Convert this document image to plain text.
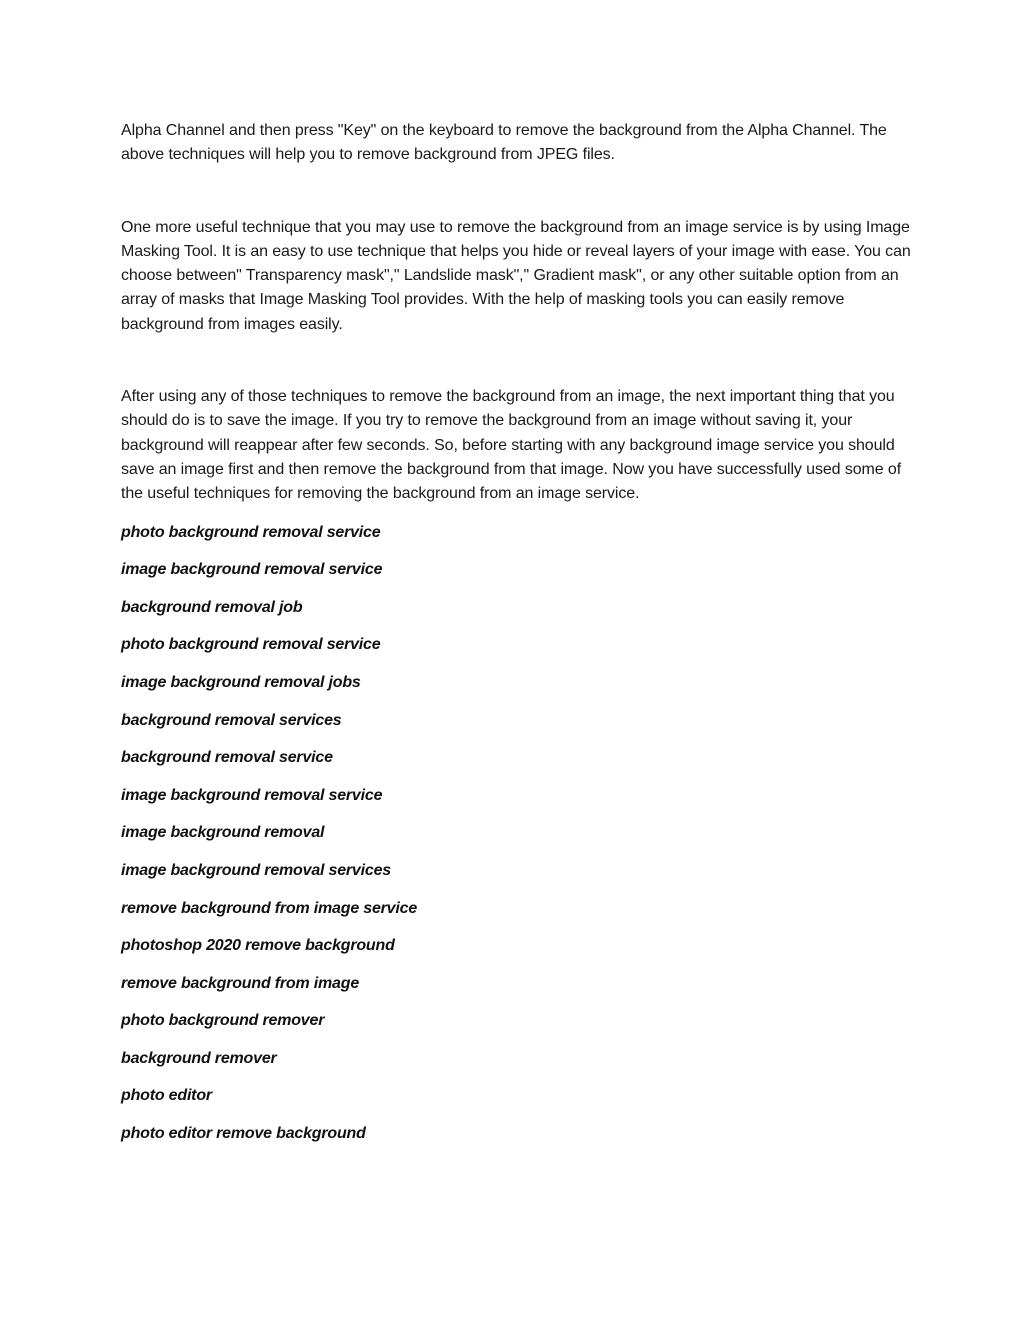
Alpha Channel and then press "Key" on the keyboard to remove the background from the Alpha Channel. The above techniques will help you to remove background from JPEG files.

One more useful technique that you may use to remove the background from an image service is by using Image Masking Tool. It is an easy to use technique that helps you hide or reveal layers of your image with ease. You can choose between" Transparency mask"," Landslide mask"," Gradient mask", or any other suitable option from an array of masks that Image Masking Tool provides. With the help of masking tools you can easily remove background from images easily.

After using any of those techniques to remove the background from an image, the next important thing that you should do is to save the image. If you try to remove the background from an image without saving it, your background will reappear after few seconds. So, before starting with any background image service you should save an image first and then remove the background from that image. Now you have successfully used some of the useful techniques for removing the background from an image service.

photo background removal service
image background removal service
background removal job
photo background removal service
image background removal jobs
background removal services
background removal service
image background removal service
image background removal
image background removal services
remove background from image service
photoshop 2020 remove background
remove background from image
photo background remover
background remover
photo editor
photo editor remove background
